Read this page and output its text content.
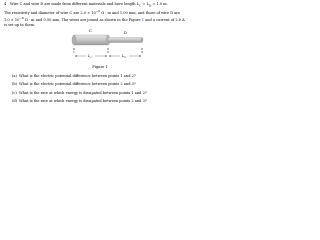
4 Wire C and wire D are made from different materials and have length $L_C = L_D = 1.0$ m.
The resistivity and diameter of wire C are $2.0 \times 10^{-6}$ Ω · m and 1.00 mm, and those of wire D are
$1.0 \times 10^{-6}$ Ω · m and 0.50 mm. The wires are joined as shown in the Figure 1 and a current of 2.0 A
is set up in them.
C	D
1	2	3
$L_C$	$L_D$
Figure 1
(a) What is the electric potential difference between points 1 and 2?
(b) What is the electric potential difference between points 2 and 3?
(c) What is the rate at which energy is dissipated between points 1 and 2?
(d) What is the rate at which energy is dissipated between points 2 and 3?
